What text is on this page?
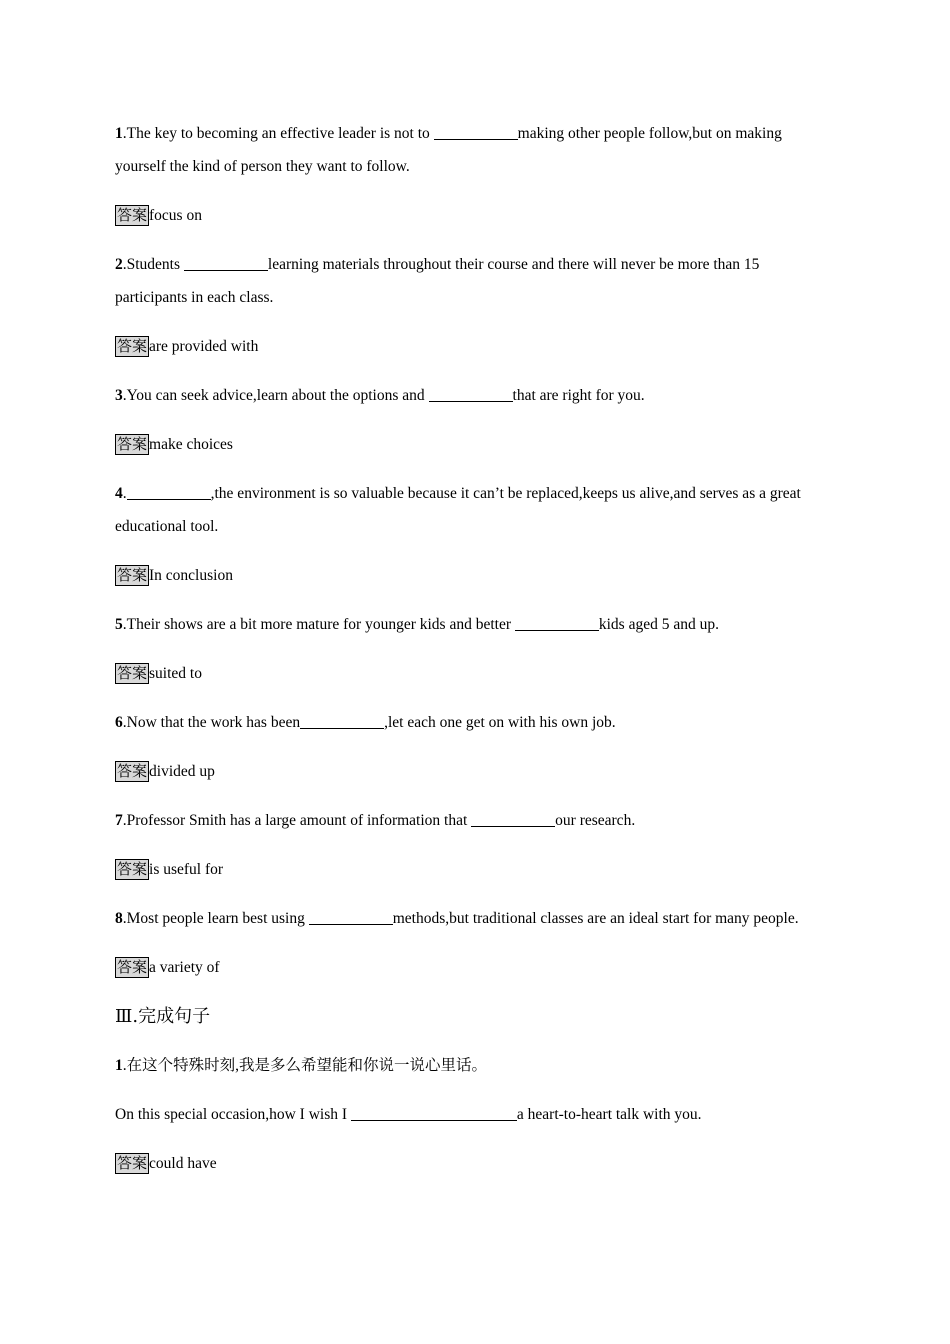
1.The key to becoming an effective leader is not to	making other people follow,but on making yourself the kind of person they want to follow.

答案 focus on

2.Students	learning materials throughout their course and there will never be more than 15 participants in each class.

答案 are provided with

3.You can seek advice,learn about the options and	that are right for you.

答案 make choices

4.	,the environment is so valuable because it can’t be replaced,keeps us alive,and serves as a great educational tool.

答案 In conclusion

5.Their shows are a bit more mature for younger kids and better	kids aged 5 and up.

答案 suited to

6.Now that the work has been	,let each one get on with his own job.

答案 divided up

7.Professor Smith has a large amount of information that	our research.

答案 is useful for

8.Most people learn best using	methods,but traditional classes are an ideal start for many people.

答案 a variety of

Ⅲ.完成句子

1.在这个特殊时刻,我是多么希望能和你说一说心里话。

On this special occasion,how I wish I	a heart-to-heart talk with you.

答案 could have
